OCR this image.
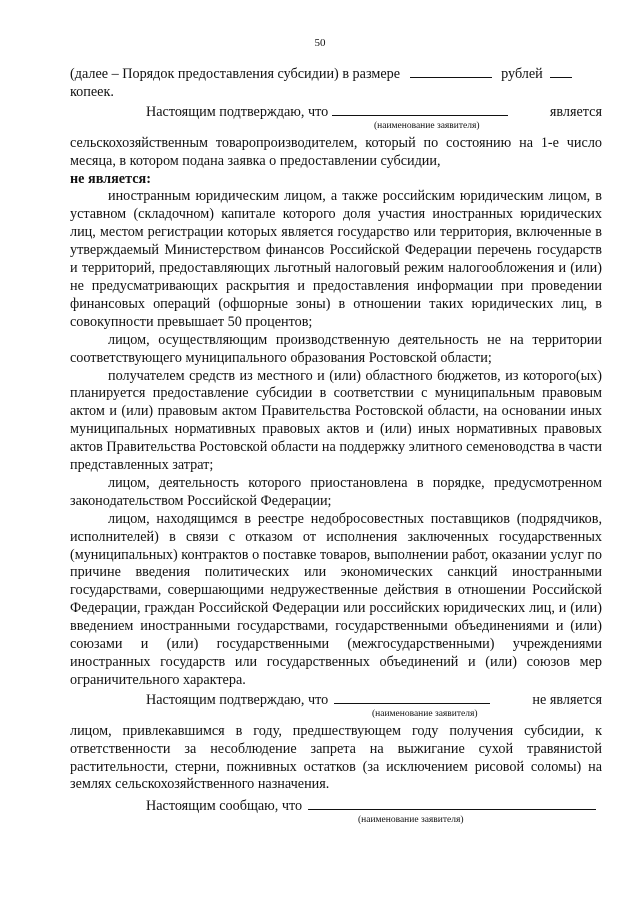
50

(далее – Порядок предоставления субсидии) в размере	рублей
копеек.

Настоящим подтверждаю, что	является

(наименование заявителя)

сельскохозяйственным товаропроизводителем, который по состоянию на 1-е число месяца, в котором подана заявка о предоставлении субсидии,
не является:

иностранным юридическим лицом, а также российским юридическим лицом, в уставном (складочном) капитале которого доля участия иностранных юридических лиц, местом регистрации которых является государство или территория, включенные в утверждаемый Министерством финансов Российской Федерации перечень государств и территорий, предоставляющих льготный налоговый режим налогообложения и (или) не предусматривающих раскрытия и предоставления информации при проведении финансовых операций (офшорные зоны) в отношении таких юридических лиц, в совокупности превышает 50 процентов;

лицом, осуществляющим производственную деятельность не на территории соответствующего муниципального образования Ростовской области;

получателем средств из местного и (или) областного бюджетов, из которого(ых) планируется предоставление субсидии в соответствии с муниципальным правовым актом и (или) правовым актом Правительства Ростовской области, на основании иных муниципальных нормативных правовых актов и (или) иных нормативных правовых актов Правительства Ростовской области на поддержку элитного семеноводства в части представленных затрат;

лицом, деятельность которого приостановлена в порядке, предусмотренном законодательством Российской Федерации;

лицом, находящимся в реестре недобросовестных поставщиков (подрядчиков, исполнителей) в связи с отказом от исполнения заключенных государственных (муниципальных) контрактов о поставке товаров, выполнении работ, оказании услуг по причине введения политических или экономических санкций иностранными государствами, совершающими недружественные действия в отношении Российской Федерации, граждан Российской Федерации или российских юридических лиц, и (или) введением иностранными государствами, государственными объединениями и (или) союзами и (или) государственными (межгосударственными) учреждениями иностранных государств или государственных объединений и (или) союзов мер ограничительного характера.

Настоящим подтверждаю, что	не является

(наименование заявителя)

лицом, привлекавшимся в году, предшествующем году получения субсидии, к ответственности за несоблюдение запрета на выжигание сухой травянистой растительности, стерни, пожнивных остатков (за исключением рисовой соломы) на землях сельскохозяйственного назначения.

Настоящим сообщаю, что

(наименование заявителя)
